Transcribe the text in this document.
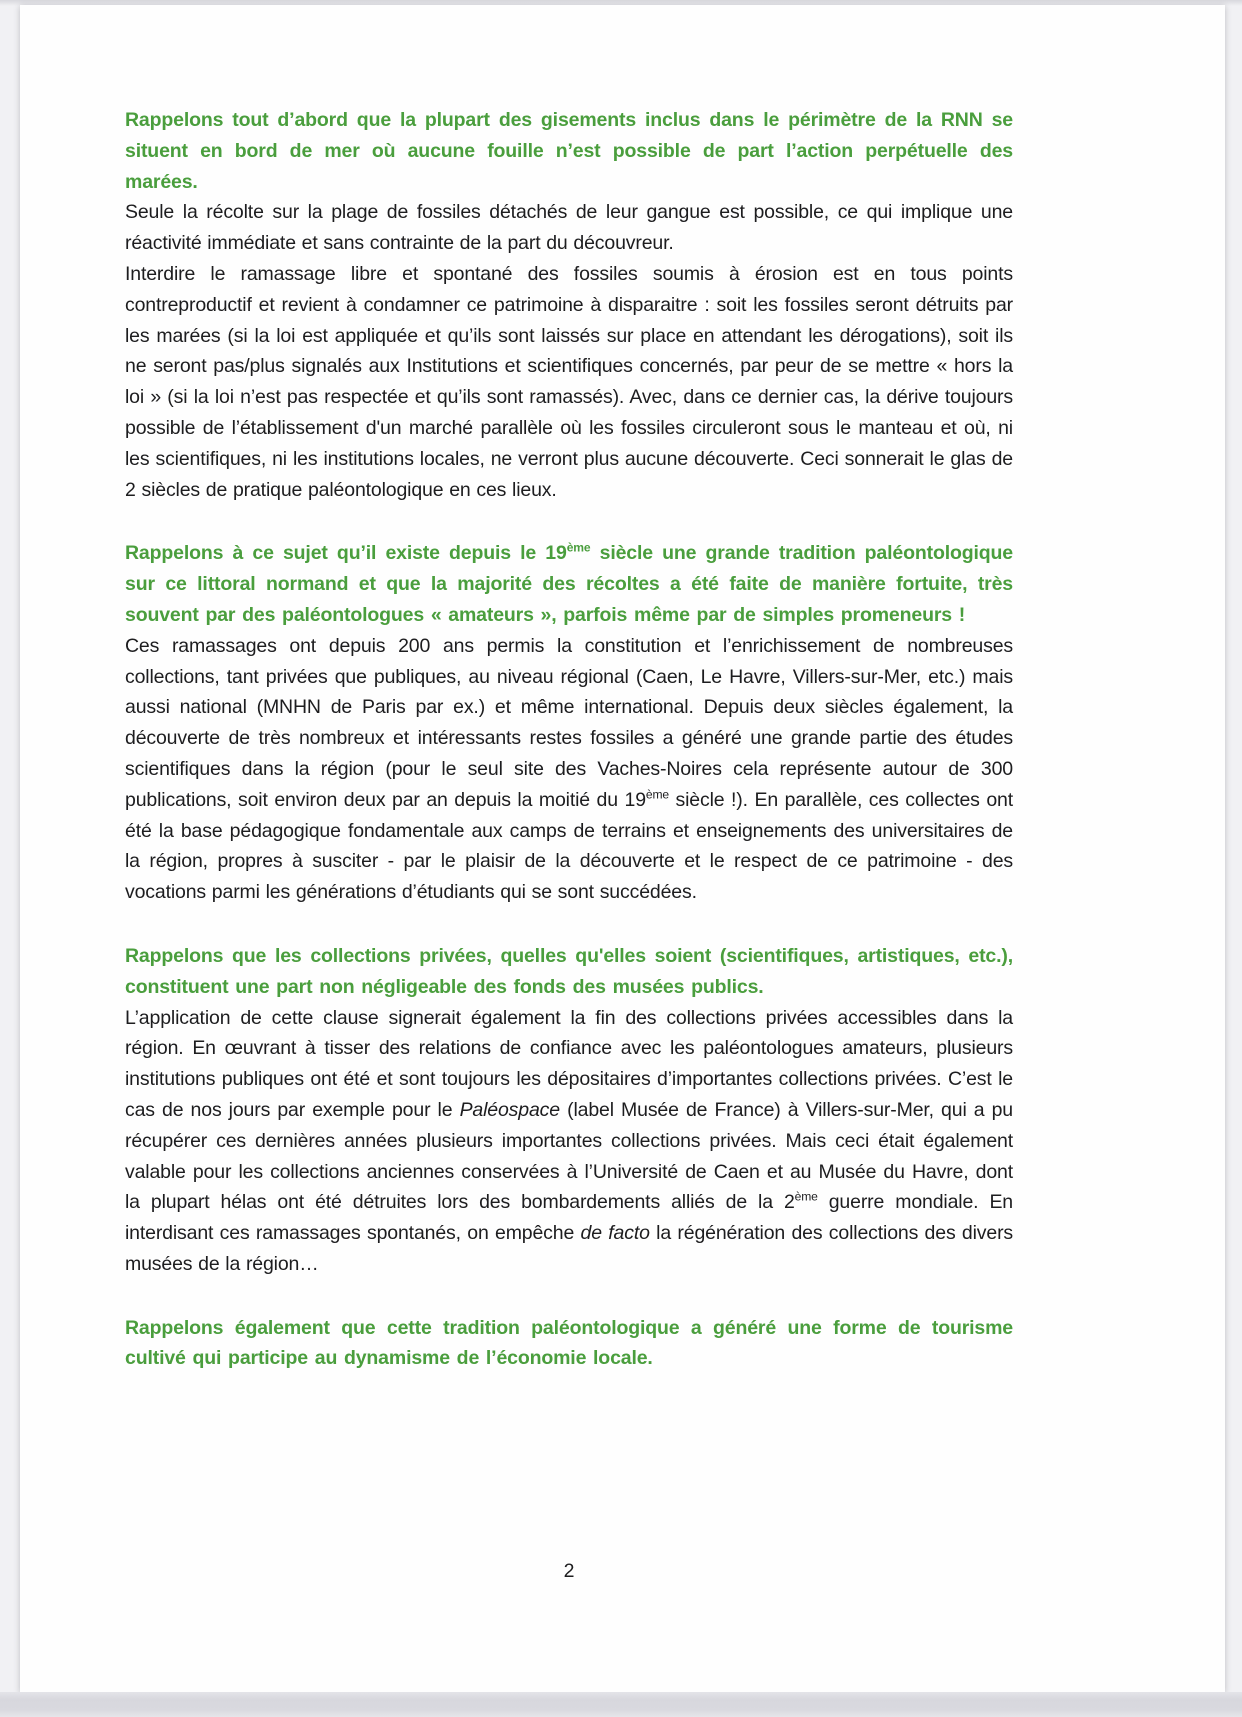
Rappelons tout d’abord que la plupart des gisements inclus dans le périmètre de la RNN se situent en bord de mer où aucune fouille n’est possible de part l’action perpétuelle des marées.

Seule la récolte sur la plage de fossiles détachés de leur gangue est possible, ce qui implique une réactivité immédiate et sans contrainte de la part du découvreur.

Interdire le ramassage libre et spontané des fossiles soumis à érosion est en tous points contreproductif et revient à condamner ce patrimoine à disparaitre : soit les fossiles seront détruits par les marées (si la loi est appliquée et qu’ils sont laissés sur place en attendant les dérogations), soit ils ne seront pas/plus signalés aux Institutions et scientifiques concernés, par peur de se mettre « hors la loi » (si la loi n’est pas respectée et qu’ils sont ramassés). Avec, dans ce dernier cas, la dérive toujours possible de l’établissement d'un marché parallèle où les fossiles circuleront sous le manteau et où, ni les scientifiques, ni les institutions locales, ne verront plus aucune découverte. Ceci sonnerait le glas de 2 siècles de pratique paléontologique en ces lieux.

Rappelons à ce sujet qu’il existe depuis le 19ème siècle une grande tradition paléontologique sur ce littoral normand et que la majorité des récoltes a été faite de manière fortuite, très souvent par des paléontologues « amateurs », parfois même par de simples promeneurs !

Ces ramassages ont depuis 200 ans permis la constitution et l’enrichissement de nombreuses collections, tant privées que publiques, au niveau régional (Caen, Le Havre, Villers-sur-Mer, etc.) mais aussi national (MNHN de Paris par ex.) et même international. Depuis deux siècles également, la découverte de très nombreux et intéressants restes fossiles a généré une grande partie des études scientifiques dans la région (pour le seul site des Vaches-Noires cela représente autour de 300 publications, soit environ deux par an depuis la moitié du 19ème siècle !). En parallèle, ces collectes ont été la base pédagogique fondamentale aux camps de terrains et enseignements des universitaires de la région, propres à susciter - par le plaisir de la découverte et le respect de ce patrimoine - des vocations parmi les générations d’étudiants qui se sont succédées.

Rappelons que les collections privées, quelles qu'elles soient (scientifiques, artistiques, etc.), constituent une part non négligeable des fonds des musées publics.

L’application de cette clause signerait également la fin des collections privées accessibles dans la région. En œuvrant à tisser des relations de confiance avec les paléontologues amateurs, plusieurs institutions publiques ont été et sont toujours les dépositaires d’importantes collections privées. C’est le cas de nos jours par exemple pour le Paléospace (label Musée de France) à Villers-sur-Mer, qui a pu récupérer ces dernières années plusieurs importantes collections privées. Mais ceci était également valable pour les collections anciennes conservées à l’Université de Caen et au Musée du Havre, dont la plupart hélas ont été détruites lors des bombardements alliés de la 2ème guerre mondiale. En interdisant ces ramassages spontanés, on empêche de facto la régénération des collections des divers musées de la région…

Rappelons également que cette tradition paléontologique a généré une forme de tourisme cultivé qui participe au dynamisme de l’économie locale.

2
